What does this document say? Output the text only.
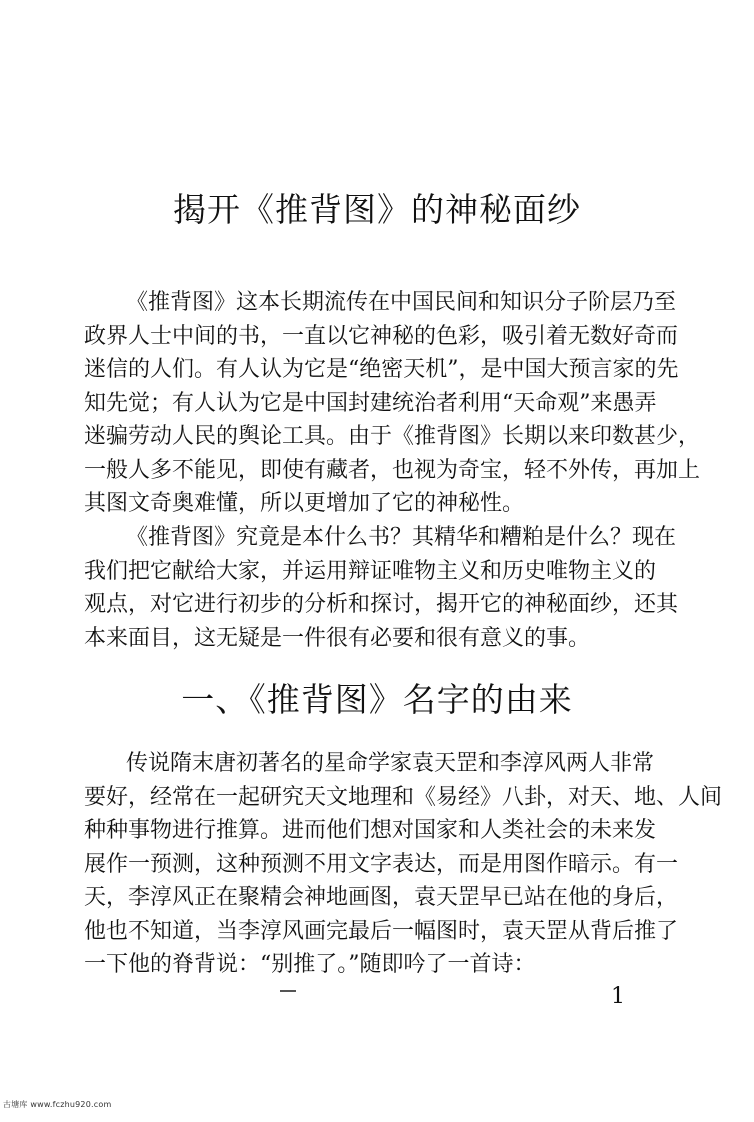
揭开《推背图》的神秘面纱
《推背图》这本长期流传在中国民间和知识分子阶层乃至
政界人士中间的书，一直以它神秘的色彩，吸引着无数好奇而
迷信的人们。有人认为它是“绝密天机”，是中国大预言家的先
知先觉；有人认为它是中国封建统治者利用“天命观”来愚弄
迷骗劳动人民的舆论工具。由于《推背图》长期以来印数甚少，
一般人多不能见，即使有藏者，也视为奇宝，轻不外传，再加上
其图文奇奥难懂，所以更增加了它的神秘性。
《推背图》究竟是本什么书？其精华和糟粕是什么？现在
我们把它献给大家，并运用辩证唯物主义和历史唯物主义的
观点，对它进行初步的分析和探讨，揭开它的神秘面纱，还其
本来面目，这无疑是一件很有必要和很有意义的事。
一、《推背图》名字的由来
传说隋末唐初著名的星命学家袁天罡和李淳风两人非常
要好，经常在一起研究天文地理和《易经》八卦，对天、地、人间
种种事物进行推算。进而他们想对国家和人类社会的未来发
展作一预测，这种预测不用文字表达，而是用图作暗示。有一
天，李淳风正在聚精会神地画图，袁天罡早已站在他的身后，
他也不知道，当李淳风画完最后一幅图时，袁天罡从背后推了
一下他的脊背说：“别推了。”随即吟了一首诗：
1
古塘库 www.fczhu920.com
